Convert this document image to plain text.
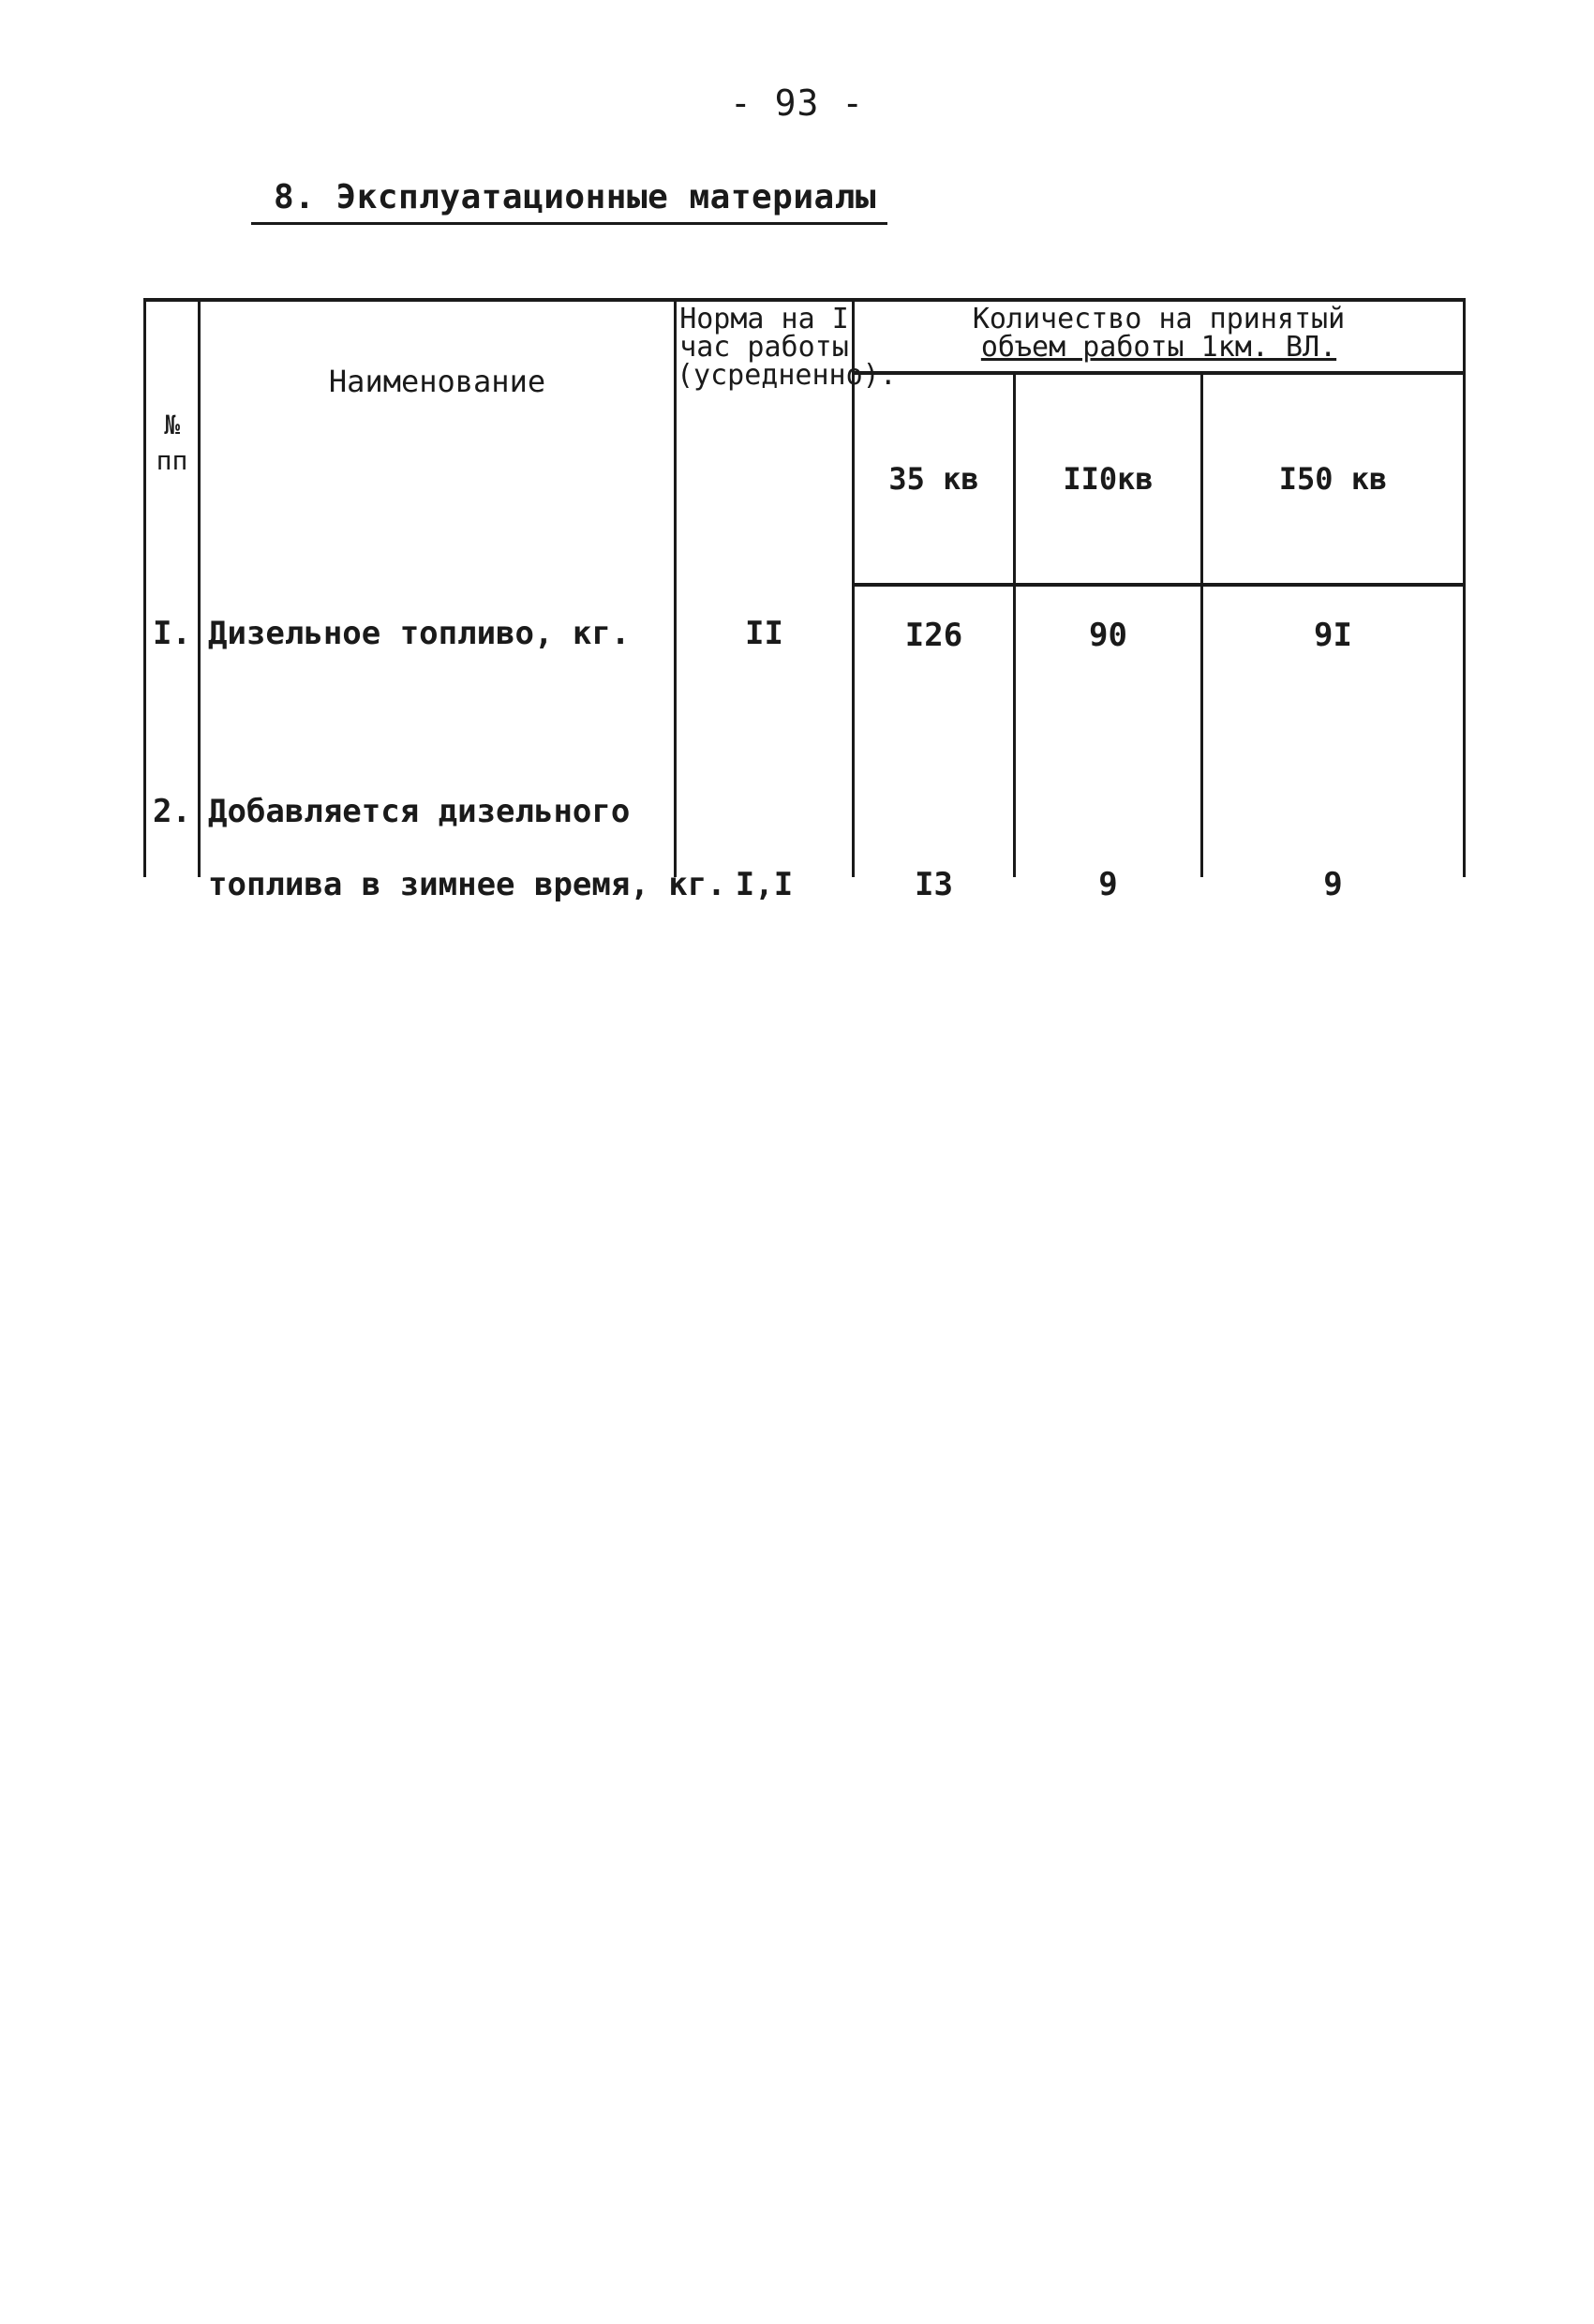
- 93 -
8. Эксплуатационные материалы
№ пп	Наименование	Норма на I час работы (усредненно).	Количество на принятый
объем работы 1км. ВЛ.		

			35 кв	II0кв	I50 кв
I.	Дизельное топливо, кг.	II	I26	90	9I

2.	Добавляется дизельного
топлива в зимнее время, кг.	I,I	I3	9	9
